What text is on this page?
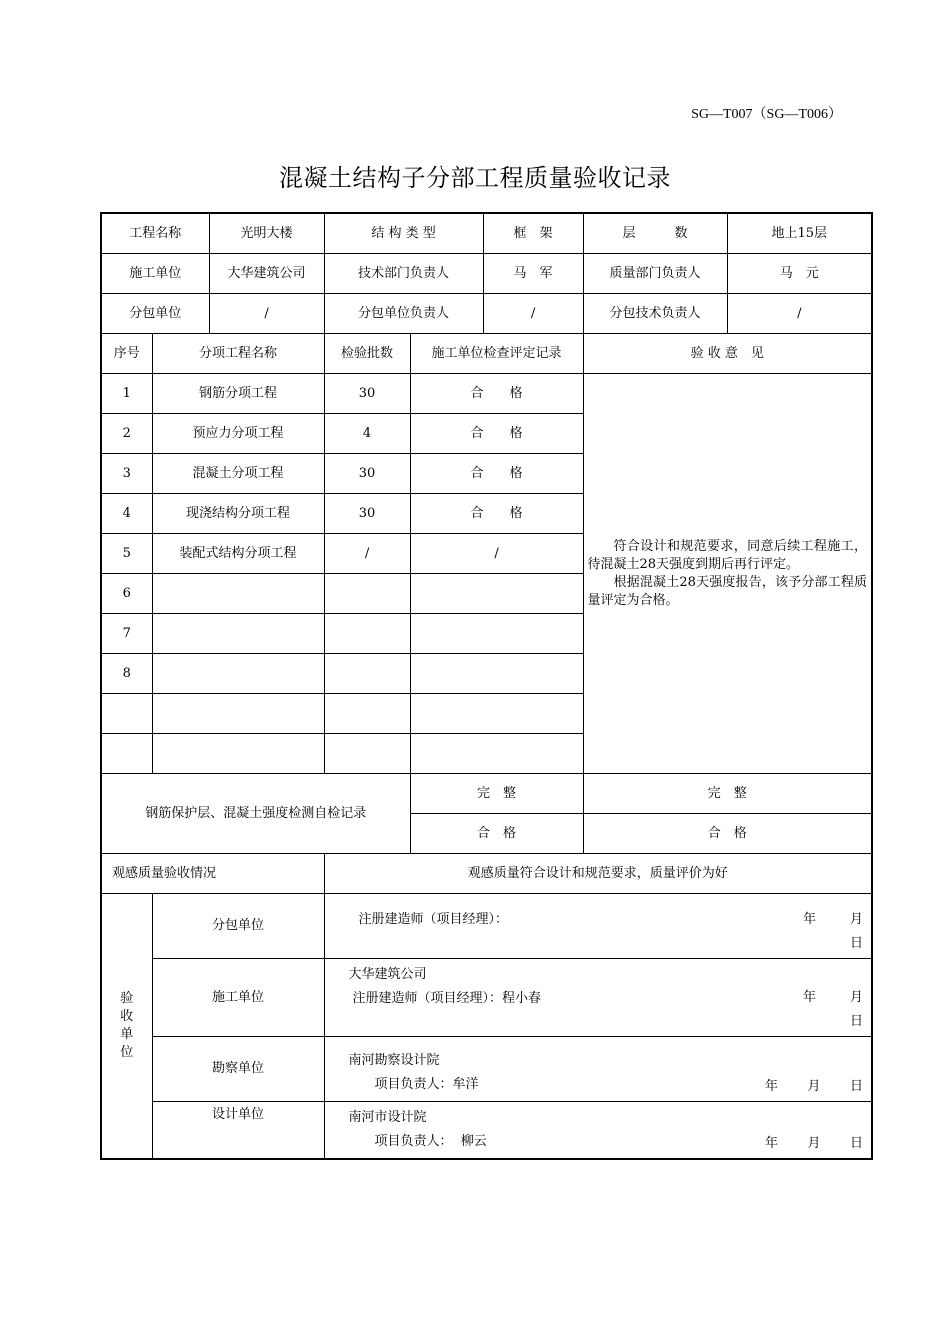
SG—T007（SG—T006）
混凝土结构子分部工程质量验收记录
工程名称		光明大楼	结 构 类 型		框　架	层　　　数	地上15层
施工单位		大华建筑公司	技术部门负责人		马　军	质量部门负责人	马　元
分包单位		/	分包单位负责人		/	分包技术负责人	/
序号	分项工程名称		检验批数	施工单位检查评定记录		验 收 意　见	
1	钢筋分项工程		30	合　　格		符合设计和规范要求，同意后续工程施工，待混凝土28天强度到期后再行评定。

根据混凝土28天强度报告，该予分部工程质量评定为合格。	

2	预应力分项工程		4	合　　格			
3	混凝土分项工程		30	合　　格			
4	现浇结构分项工程		30	合　　格			
5	装配式结构分项工程		/	/			
6							
7							
8							

钢筋保护层、混凝土强度检测自检记录				完　整		完　整	
				合　格		合　格	
观感质量验收情况			观感质量符合设计和规范要求，质量评价为好				
验
收
单
位	分包单位		注册建造师（项目经理）： 年 月
日				

	施工单位		大华建筑公司
注册建造师（项目经理）：程小春 年 月
日				

	勘察单位		南河勘察设计院
项目负责人：牟洋 年 月 日				

	设计单位		南河市设计院
项目负责人：  柳云 年 月 日				
